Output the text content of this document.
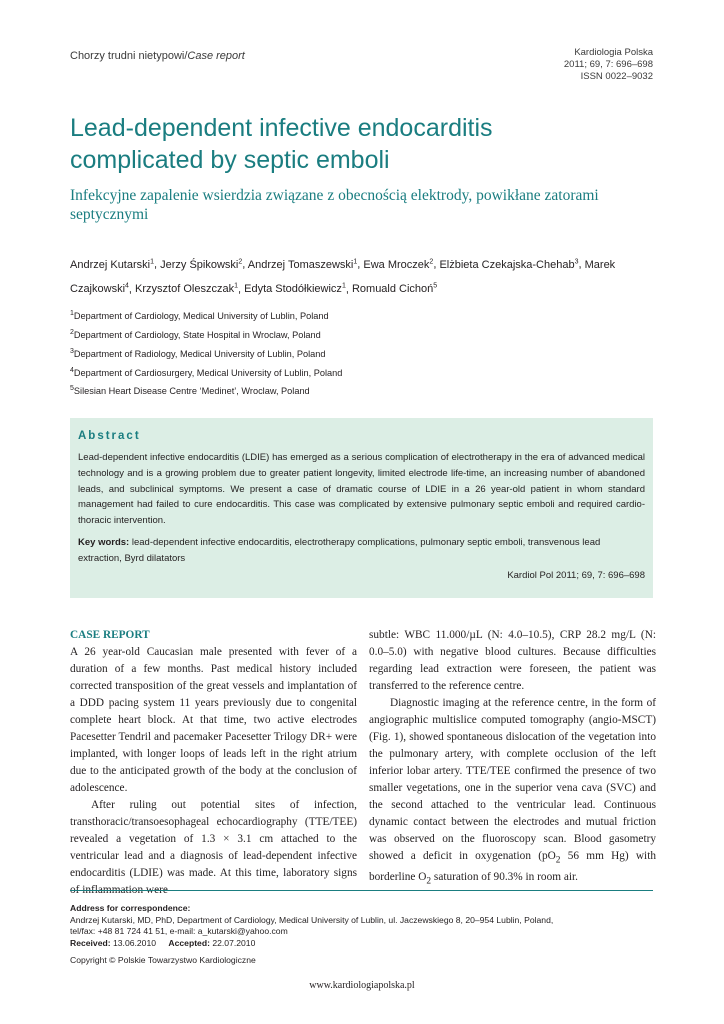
Chorzy trudni nietypowi/Case report	Kardiologia Polska
2011; 69, 7: 696–698
ISSN 0022–9032
Lead-dependent infective endocarditis complicated by septic emboli
Infekcyjne zapalenie wsierdzia związane z obecnością elektrody, powikłane zatorami septycznymi
Andrzej Kutarski$^1$, Jerzy Śpikowski$^2$, Andrzej Tomaszewski$^1$, Ewa Mroczek$^2$, Elżbieta Czekajska-Chehab$^3$, Marek Czajkowski$^4$, Krzysztof Oleszczak$^1$, Edyta Stodółkiewicz$^1$, Romuald Cichoń$^5$
$^1$Department of Cardiology, Medical University of Lublin, Poland
$^2$Department of Cardiology, State Hospital in Wroclaw, Poland
$^3$Department of Radiology, Medical University of Lublin, Poland
$^4$Department of Cardiosurgery, Medical University of Lublin, Poland
$^5$Silesian Heart Disease Centre ‘Medinet’, Wroclaw, Poland
Abstract
Lead-dependent infective endocarditis (LDIE) has emerged as a serious complication of electrotherapy in the era of advanced medical technology and is a growing problem due to greater patient longevity, limited electrode life-time, an increasing number of abandoned leads, and subclinical symptoms. We present a case of dramatic course of LDIE in a 26 year-old patient in whom standard management had failed to cure endocarditis. This case was complicated by extensive pulmonary septic emboli and required cardio-thoracic intervention.
Key words: lead-dependent infective endocarditis, electrotherapy complications, pulmonary septic emboli, transvenous lead extraction, Byrd dilatators
Kardiol Pol 2011; 69, 7: 696–698
CASE REPORT

A 26 year-old Caucasian male presented with fever of a duration of a few months. Past medical history included corrected transposition of the great vessels and implantation of a DDD pacing system 11 years previously due to congenital complete heart block. At that time, two active electrodes Pacesetter Tendril and pacemaker Pacesetter Trilogy DR+ were implanted, with longer loops of leads left in the right atrium due to the anticipated growth of the body at the conclusion of adolescence.

After ruling out potential sites of infection, transthoracic/transoesophageal echocardiography (TTE/TEE) revealed a vegetation of 1.3 × 3.1 cm attached to the ventricular lead and a diagnosis of lead-dependent infective endocarditis (LDIE) was made. At this time, laboratory signs of inflammation were

subtle: WBC 11.000/µL (N: 4.0–10.5), CRP 28.2 mg/L (N: 0.0–5.0) with negative blood cultures. Because difficulties regarding lead extraction were foreseen, the patient was transferred to the reference centre.

Diagnostic imaging at the reference centre, in the form of angiographic multislice computed tomography (angio-MSCT) (Fig. 1), showed spontaneous dislocation of the vegetation into the pulmonary artery, with complete occlusion of the left inferior lobar artery. TTE/TEE confirmed the presence of two smaller vegetations, one in the superior vena cava (SVC) and the second attached to the ventricular lead. Continuous dynamic contact between the electrodes and mutual friction was observed on the fluoroscopy scan. Blood gasometry showed a deficit in oxygenation ($pO_2$ 56 mm Hg) with borderline $O_2$ saturation of 90.3% in room air.

Address for correspondence:
Andrzej Kutarski, MD, PhD, Department of Cardiology, Medical University of Lublin, ul. Jaczewskiego 8, 20–954 Lublin, Poland,
tel/fax: +48 81 724 41 51, e-mail: a_kutarski@yahoo.com
Received: 13.06.2010 Accepted: 22.07.2010
Copyright © Polskie Towarzystwo Kardiologiczne
www.kardiologiapolska.pl
